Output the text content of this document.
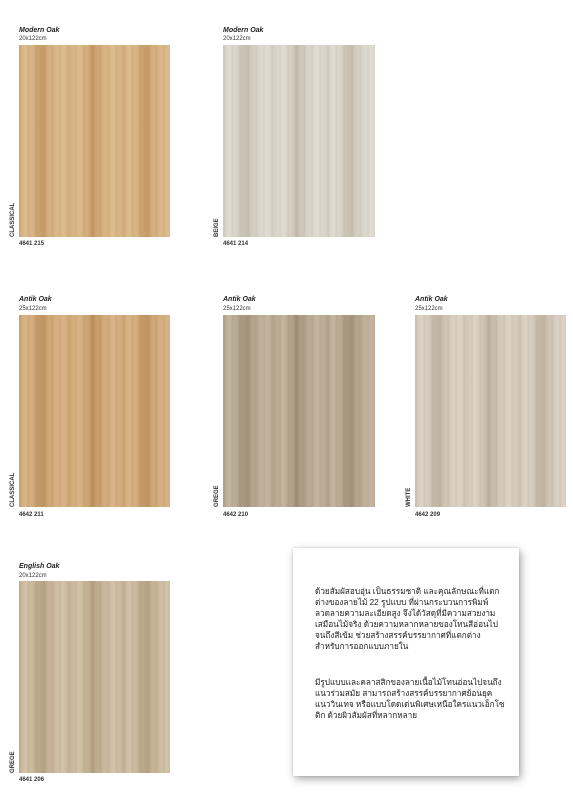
Modern Oak
20x122cm
CLASSICAL
4641 215
Modern Oak
20x122cm
BEIGE
4641 214
Antik Oak
25x122cm
CLASSICAL
4642 211
Antik Oak
25x122cm
GREGE
4642 210
Antik Oak
25x122cm
WHITE
4642 209
English Oak
20x122cm
GREGE
4641 206
ด้วยสัมผัสอบอุ่น เป็นธรรมชาติ และคุณลักษณะที่แตกต่างของลายไม้ 22 รูปแบบ ที่ผ่านกระบวนการพิมพ์ลวดลายความละเอียดสูง จึงได้วัสดุที่มีความสวยงามเสมือนไม้จริง ด้วยความหลากหลายของโทนสีอ่อนไปจนถึงสีเข้ม ช่วยสร้างสรรค์บรรยากาศที่แตกต่างสำหรับการออกแบบภายใน
มีรูปแบบและคลาสสิกของลายเนื้อไม้โทนอ่อนไปจนถึงแนวร่วมสมัย สามารถสร้างสรรค์บรรยากาศย้อนยุคแนววินเทจ หรือแบบโดดเด่นพิเศษเหนือใครแนวเอ็กโซติก ด้วยผิวสัมผัสที่หลากหลาย
